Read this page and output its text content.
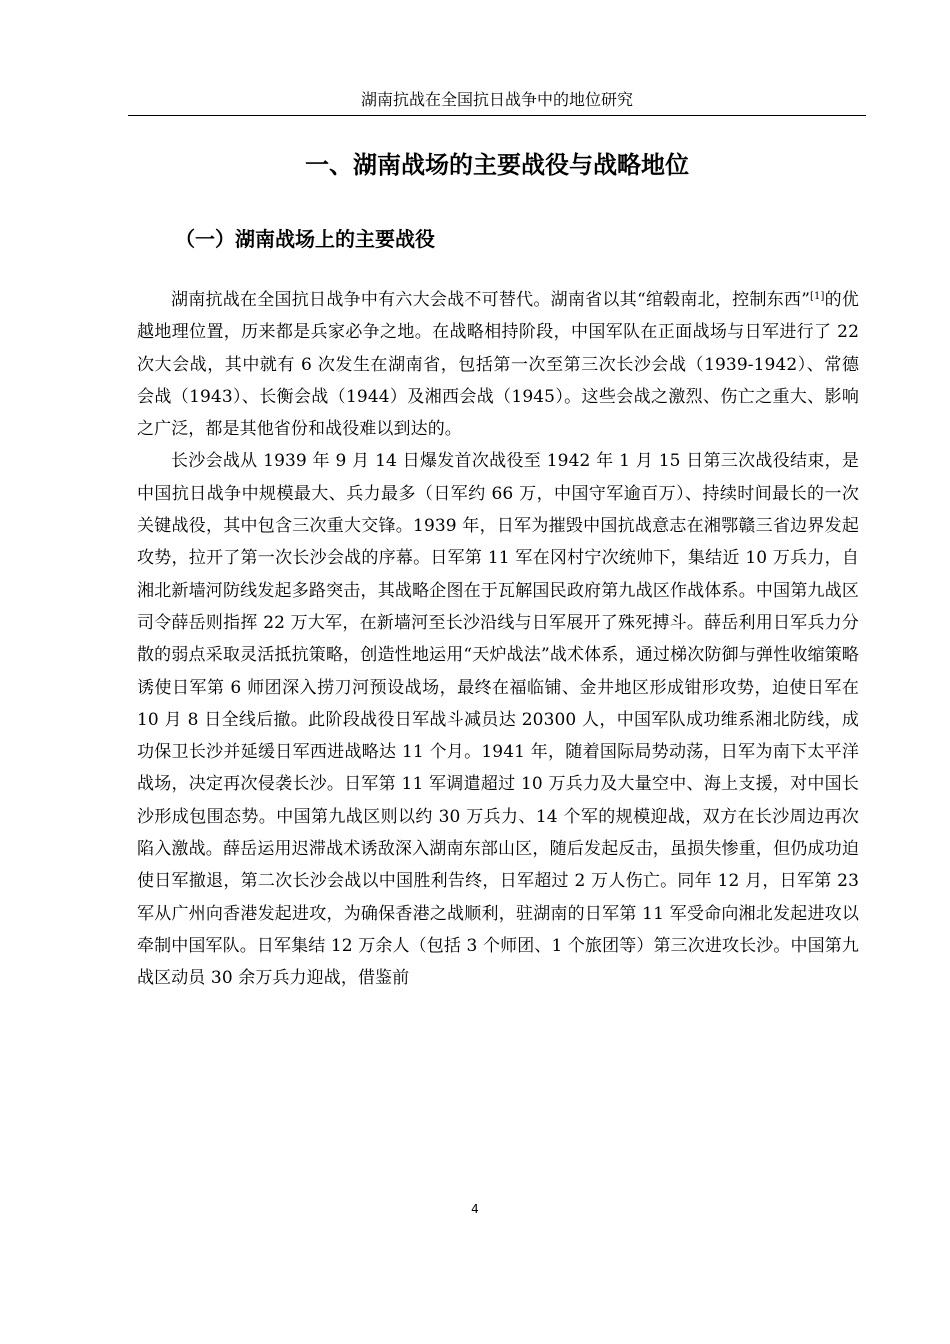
湖南抗战在全国抗日战争中的地位研究
一、湖南战场的主要战役与战略地位
（一）湖南战场上的主要战役

湖南抗战在全国抗日战争中有六大会战不可替代。湖南省以其“绾毂南北，控制东西”[1]的优越地理位置，历来都是兵家必争之地。在战略相持阶段，中国军队在正面战场与日军进行了 22 次大会战，其中就有 6 次发生在湖南省，包括第一次至第三次长沙会战（1939-1942）、常德会战（1943）、长衡会战（1944）及湘西会战（1945）。这些会战之激烈、伤亡之重大、影响之广泛，都是其他省份和战役难以到达的。

长沙会战从 1939 年 9 月 14 日爆发首次战役至 1942 年 1 月 15 日第三次战役结束，是中国抗日战争中规模最大、兵力最多（日军约 66 万，中国守军逾百万）、持续时间最长的一次关键战役，其中包含三次重大交锋。1939 年，日军为摧毁中国抗战意志在湘鄂赣三省边界发起攻势，拉开了第一次长沙会战的序幕。日军第 11 军在冈村宁次统帅下，集结近 10 万兵力，自湘北新墙河防线发起多路突击，其战略企图在于瓦解国民政府第九战区作战体系。中国第九战区司令薛岳则指挥 22 万大军，在新墙河至长沙沿线与日军展开了殊死搏斗。薛岳利用日军兵力分散的弱点采取灵活抵抗策略，创造性地运用“天炉战法”战术体系，通过梯次防御与弹性收缩策略诱使日军第 6 师团深入捞刀河预设战场，最终在福临铺、金井地区形成钳形攻势，迫使日军在 10 月 8 日全线后撤。此阶段战役日军战斗减员达 20300 人，中国军队成功维系湘北防线，成功保卫长沙并延缓日军西进战略达 11 个月。1941 年，随着国际局势动荡，日军为南下太平洋战场，决定再次侵袭长沙。日军第 11 军调遣超过 10 万兵力及大量空中、海上支援，对中国长沙形成包围态势。中国第九战区则以约 30 万兵力、14 个军的规模迎战，双方在长沙周边再次陷入激战。薛岳运用迟滞战术诱敌深入湖南东部山区，随后发起反击，虽损失惨重，但仍成功迫使日军撤退，第二次长沙会战以中国胜利告终，日军超过 2 万人伤亡。同年 12 月，日军第 23 军从广州向香港发起进攻，为确保香港之战顺利，驻湖南的日军第 11 军受命向湘北发起进攻以牵制中国军队。日军集结 12 万余人（包括 3 个师团、1 个旅团等）第三次进攻长沙。中国第九战区动员 30 余万兵力迎战，借鉴前

4
